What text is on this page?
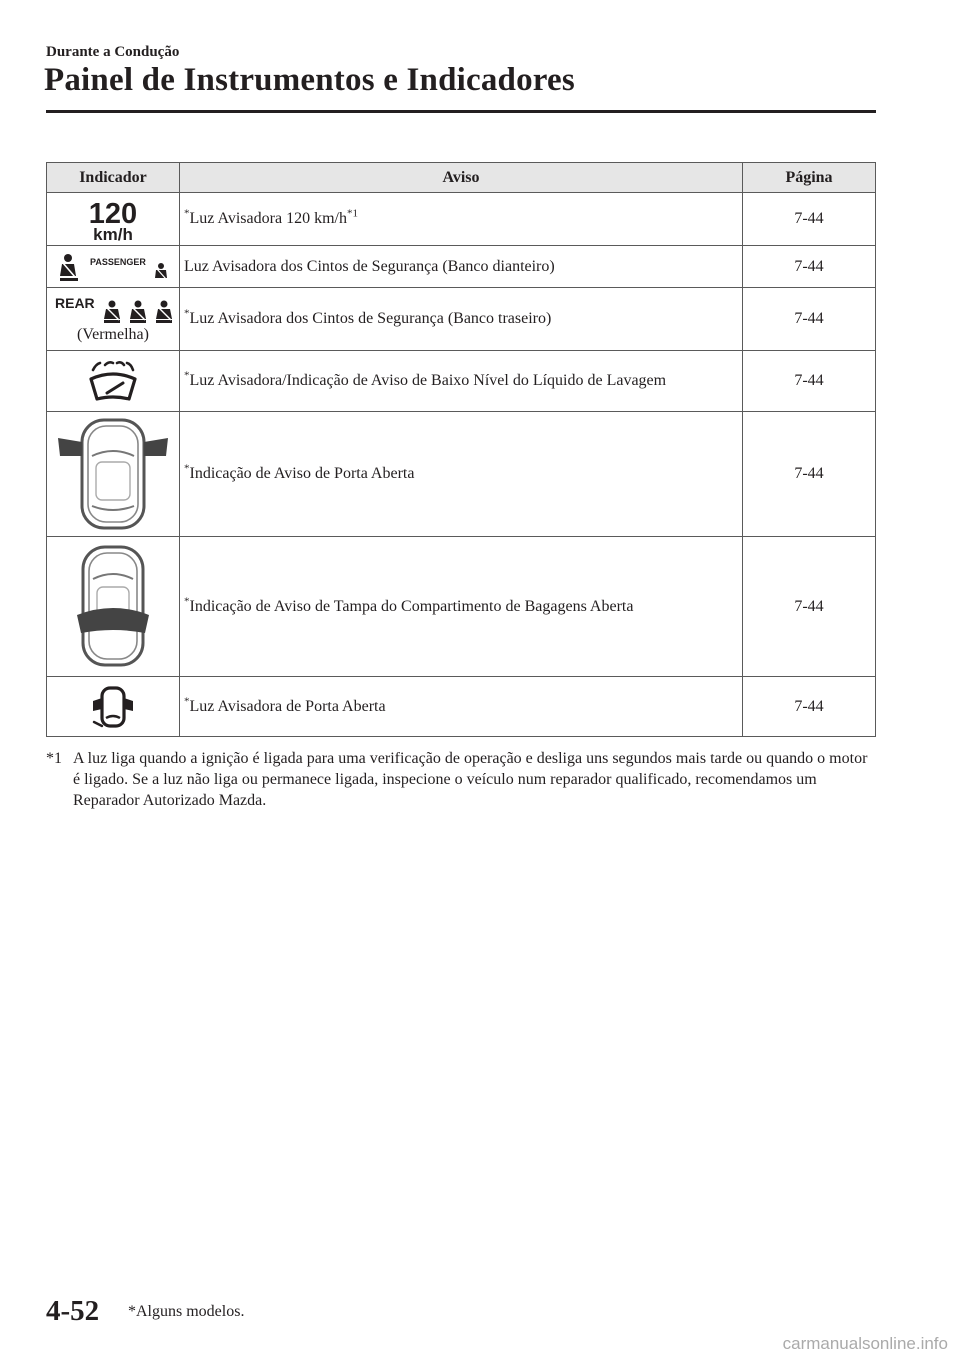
Durante a Condução
Painel de Instrumentos e Indicadores
Indicador	Aviso	Página

120
km/h	*Luz Avisadora 120 $km/h^{*1}$	7-44

PASSENGER	Luz Avisadora dos Cintos de Segurança (Banco dianteiro)	7-44

REAR
(Vermelha)	*Luz Avisadora dos Cintos de Segurança (Banco traseiro)	7-44

	*Luz Avisadora/Indicação de Aviso de Baixo Nível do Líquido de Lavagem	7-44

	*Indicação de Aviso de Porta Aberta	7-44

	*Indicação de Aviso de Tampa do Compartimento de Bagagens Aberta	7-44

	*Luz Avisadora de Porta Aberta	7-44
*1 A luz liga quando a ignição é ligada para uma verificação de operação e desliga uns segundos mais tarde ou quando o motor é ligado. Se a luz não liga ou permanece ligada, inspecione o veículo num reparador qualificado, recomendamos um Reparador Autorizado Mazda.
4-52 *Alguns modelos.
carmanualsonline.info
